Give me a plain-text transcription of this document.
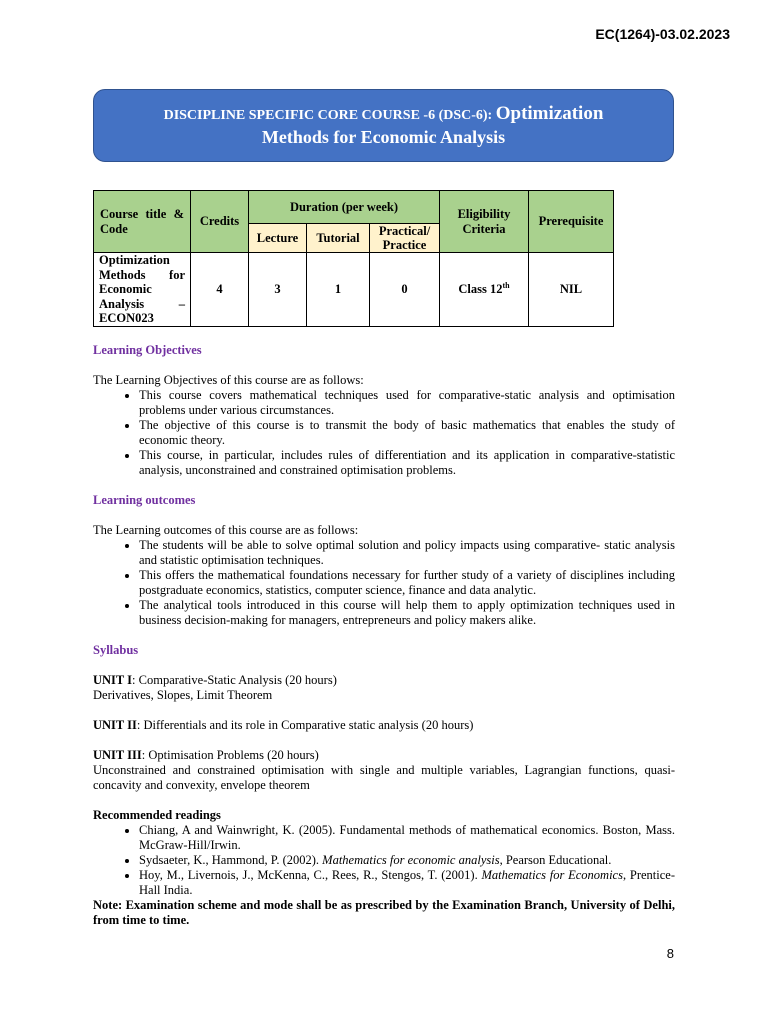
EC(1264)-03.02.2023
DISCIPLINE SPECIFIC CORE COURSE -6 (DSC-6): Optimization
Methods for Economic Analysis
Course title & Code	Credits	Duration (per week)			Eligibility Criteria	Prerequisite
		Lecture	Tutorial	Practical/ Practice		

Optimization Methods for Economic Analysis – ECON023	4	3	1	0	Class 12th	NIL

Learning Objectives

The Learning Objectives of this course are as follows:

• This course covers mathematical techniques used for comparative-static analysis and optimisation problems under various circumstances.
• The objective of this course is to transmit the body of basic mathematics that enables the study of economic theory.
• This course, in particular, includes rules of differentiation and its application in comparative-statistic analysis, unconstrained and constrained optimisation problems.

Learning outcomes

The Learning outcomes of this course are as follows:

• The students will be able to solve optimal solution and policy impacts using comparative- static analysis and statistic optimisation techniques.
• This offers the mathematical foundations necessary for further study of a variety of disciplines including postgraduate economics, statistics, computer science, finance and data analytic.
• The analytical tools introduced in this course will help them to apply optimization techniques used in business decision-making for managers, entrepreneurs and policy makers alike.

Syllabus

UNIT I: Comparative-Static Analysis (20 hours)

Derivatives, Slopes, Limit Theorem

UNIT II: Differentials and its role in Comparative static analysis (20 hours)

UNIT III: Optimisation Problems (20 hours)

Unconstrained and constrained optimisation with single and multiple variables, Lagrangian functions, quasi-concavity and convexity, envelope theorem

Recommended readings

• Chiang, A and Wainwright, K. (2005). Fundamental methods of mathematical economics. Boston, Mass. McGraw-Hill/Irwin.
• Sydsaeter, K., Hammond, P. (2002). Mathematics for economic analysis, Pearson Educational.
• Hoy, M., Livernois, J., McKenna, C., Rees, R., Stengos, T. (2001). Mathematics for Economics, Prentice-Hall India.

Note: Examination scheme and mode shall be as prescribed by the Examination Branch, University of Delhi, from time to time.

8
